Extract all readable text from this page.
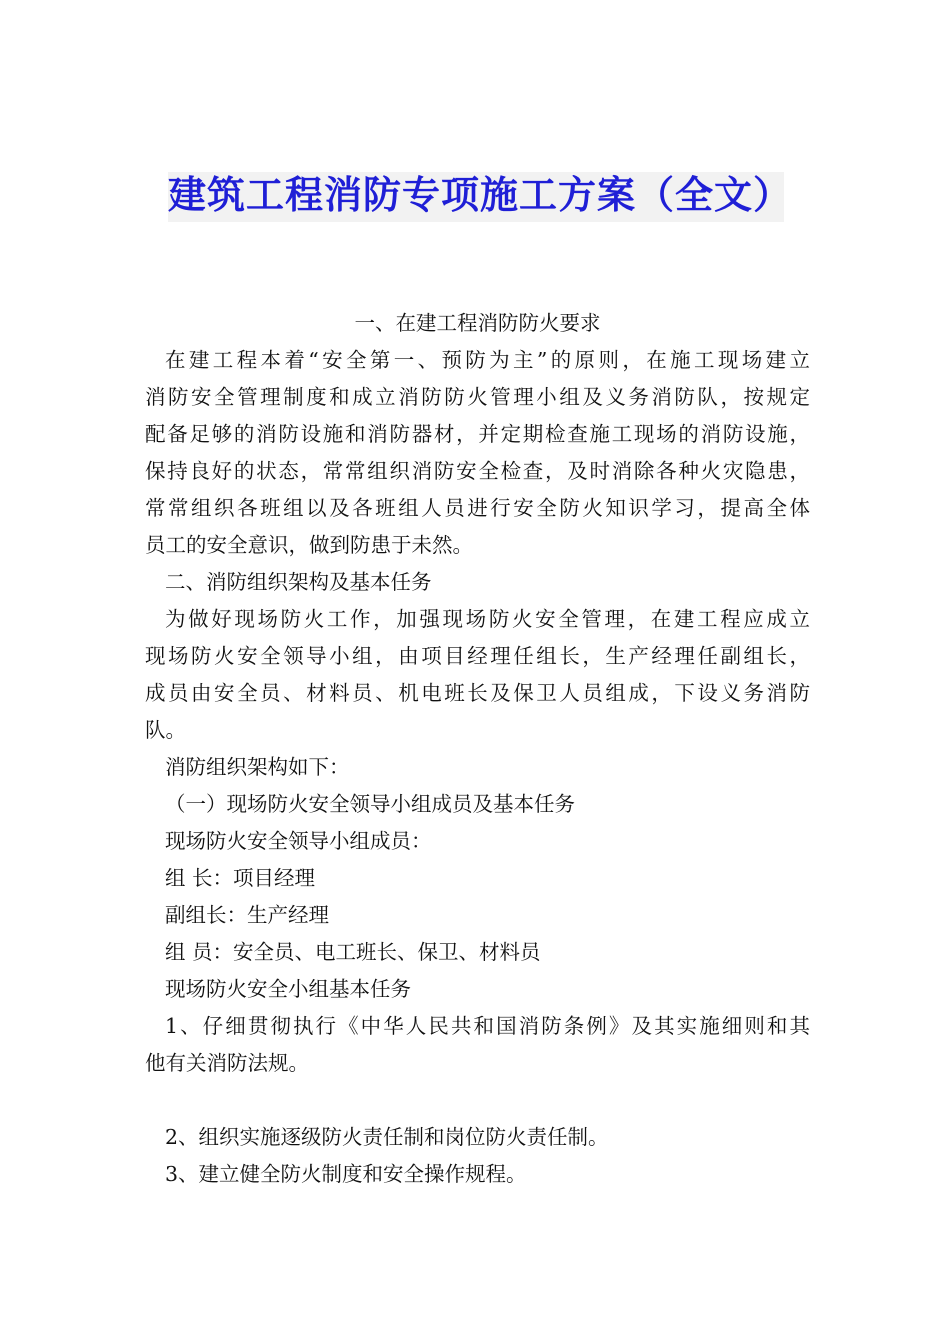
建筑工程消防专项施工方案（全文）
一、在建工程消防防火要求
在建工程本着“安全第一、预防为主”的原则，在施工现场建立
消防安全管理制度和成立消防防火管理小组及义务消防队，按规定
配备足够的消防设施和消防器材，并定期检查施工现场的消防设施，
保持良好的状态，常常组织消防安全检查，及时消除各种火灾隐患，
常常组织各班组以及各班组人员进行安全防火知识学习，提高全体
员工的安全意识，做到防患于未然。
二、消防组织架构及基本任务
为做好现场防火工作，加强现场防火安全管理，在建工程应成立
现场防火安全领导小组，由项目经理任组长，生产经理任副组长，
成员由安全员、材料员、机电班长及保卫人员组成，下设义务消防
队。
消防组织架构如下：
（一）现场防火安全领导小组成员及基本任务
现场防火安全领导小组成员：
组 长：项目经理
副组长：生产经理
组 员：安全员、电工班长、保卫、材料员
现场防火安全小组基本任务
1、仔细贯彻执行《中华人民共和国消防条例》及其实施细则和其
他有关消防法规。
2、组织实施逐级防火责任制和岗位防火责任制。
3、建立健全防火制度和安全操作规程。
